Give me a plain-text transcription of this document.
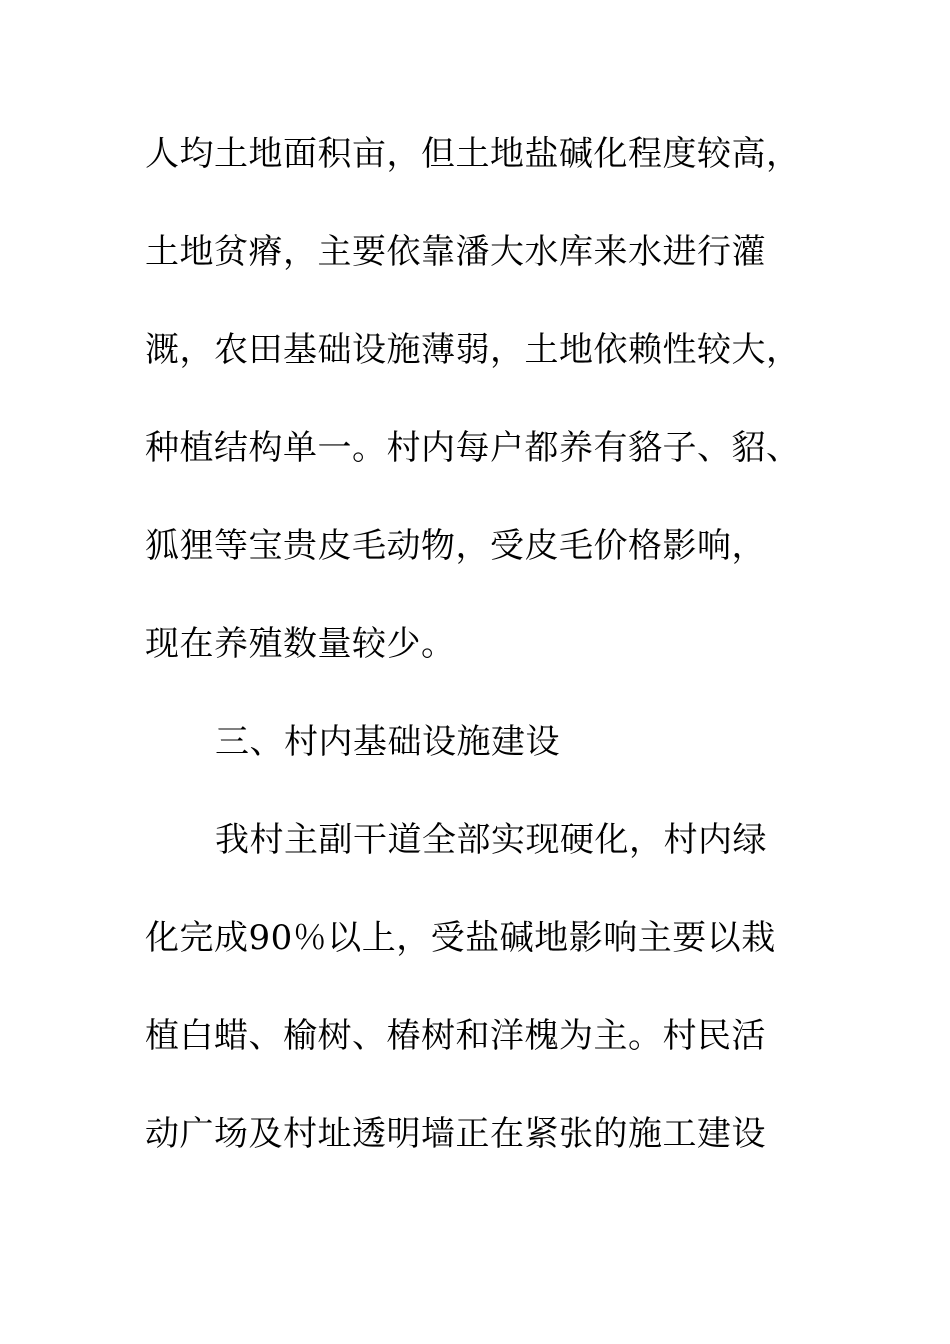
人均土地面积亩，但土地盐碱化程度较高，
土地贫瘠，主要依靠潘大水库来水进行灌
溉，农田基础设施薄弱，土地依赖性较大，
种植结构单一。村内每户都养有貉子、貂、
狐狸等宝贵皮毛动物，受皮毛价格影响，
现在养殖数量较少。
三、村内基础设施建设
我村主副干道全部实现硬化，村内绿
化完成90％以上，受盐碱地影响主要以栽
植白蜡、榆树、椿树和洋槐为主。村民活
动广场及村址透明墙正在紧张的施工建设
